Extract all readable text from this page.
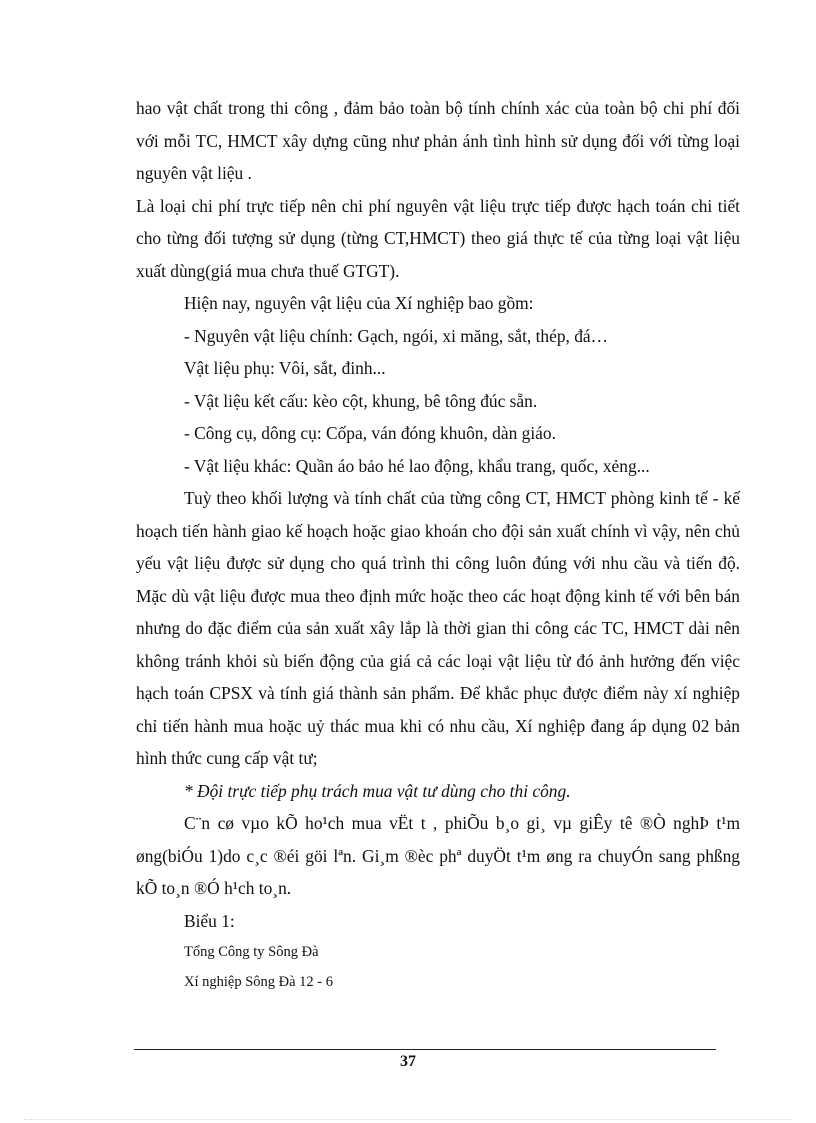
hao vật chất trong thi công , đảm bảo toàn bộ tính chính xác của toàn bộ chi phí đối với mỗi TC, HMCT xây dựng cũng như phản ánh tình hình sử dụng đối với từng loại nguyên vật liệu .

Là loại chi phí trực tiếp nên chi phí nguyên vật liệu trực tiếp được hạch toán chi tiết cho từng đối tượng sử dụng (từng CT,HMCT) theo giá thực tế của từng loại vật liệu xuất dùng(giá mua chưa thuế GTGT).

Hiện nay, nguyên vật liệu của Xí nghiệp bao gồm:

- Nguyên vật liệu chính: Gạch, ngói, xi măng, sắt, thép, đá…

Vật liệu phụ: Vôi, sắt, đinh...

- Vật liệu kết cấu: kèo cột, khung, bê tông đúc sẵn.

- Công cụ, dông cụ: Cốpa, ván đóng khuôn, dàn giáo.

- Vật liệu khác: Quần áo bảo hé lao động, khẩu trang, quốc, xẻng...

Tuỳ theo khối lượng và tính chất của từng công CT, HMCT phòng kinh tế - kế hoạch tiến hành giao kế hoạch hoặc giao khoán cho đội sản xuất chính vì vậy, nên chủ yếu vật liệu được sử dụng cho quá trình thi công luôn đúng với nhu cầu và tiến độ. Mặc dù vật liệu được mua theo định mức hoặc theo các hoạt động kinh tế với bên bán nhưng do đặc điểm của sản xuất xây lắp là thời gian thi công các TC, HMCT dài nên không tránh khỏi sù biến động của giá cả các loại vật liệu từ đó ảnh hưởng đến việc hạch toán CPSX và tính giá thành sản phẩm. Để khắc phục được điểm này xí nghiệp chỉ tiến hành mua hoặc uỷ thác mua khi có nhu cầu, Xí nghiệp đang áp dụng 02 bản hình thức cung cấp vật tư;

* Đội trực tiếp phụ trách mua vật tư dùng cho thi công.

C¨n cø vµo kÕ ho¹ch mua vËt t , phiÕu b¸o gi¸ vµ giÊy tê ®Ò nghÞ t¹m øng(biÓu 1)do c¸c ®éi göi lªn. Gi¸m ®èc phª duyÖt t¹m øng ra chuyÓn sang phßng kÕ to¸n ®Ó h¹ch to¸n.

Biểu 1:

Tổng Công ty Sông Đà

Xí nghiệp Sông Đà 12 - 6

37
